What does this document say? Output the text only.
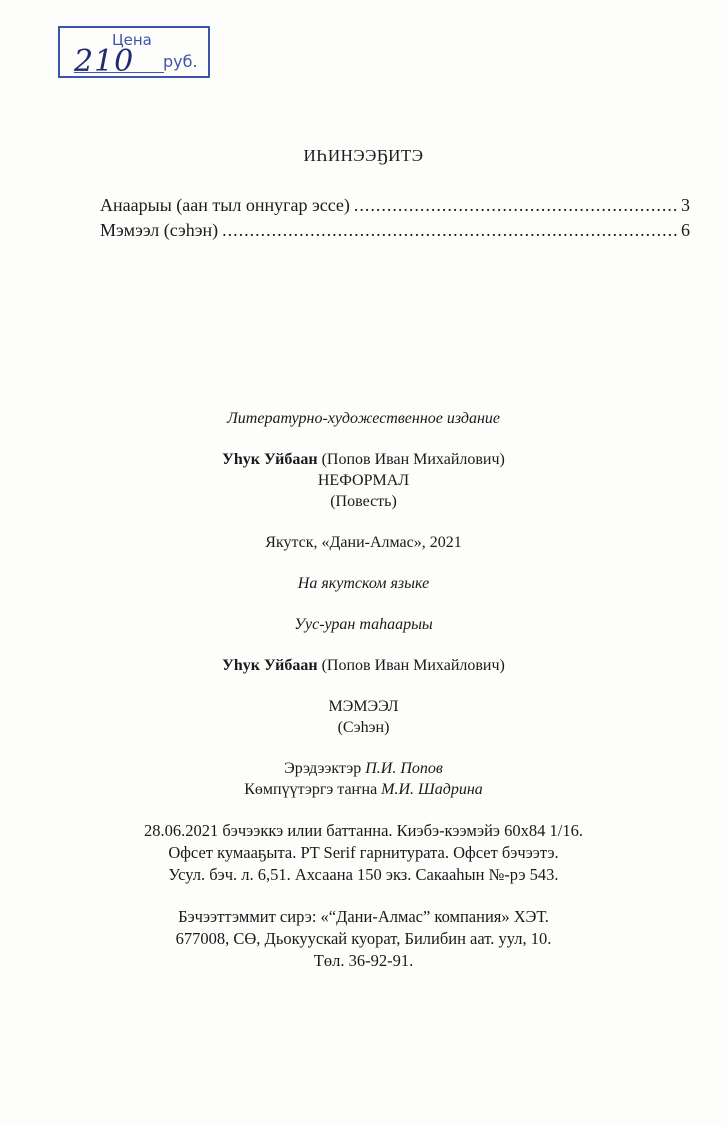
Цена
210 руб.
ИҺИНЭЭҔИТЭ
Анаарыы (аан тыл оннугар эссе) .....	3
Мэмээл (сэһэн) .....	6

Литературно-художественное издание

Уһук Уйбаан (Попов Иван Михайлович)

НЕФОРМАЛ

(Повесть)

Якутск, «Дани-Алмас», 2021

На якутском языке

Уус-уран таһаарыы

Уһук Уйбаан (Попов Иван Михайлович)

МЭМЭЭЛ

(Сэһэн)

Эрэдээктэр П.И. Попов

Көмпүүтэргэ таҥна М.И. Шадрина

28.06.2021 бэчээккэ илии баттанна. Киэбэ-кээмэйэ 60х84 1/16.

Офсет кумааҕыта. PT Serif гарнитурата. Офсет бэчээтэ.

Усул. бэч. л. 6,51. Ахсаана 150 экз. Сакааһын №-рэ 543.

Бэчээттэммит сирэ: «“Дани-Алмас” компания» ХЭТ.

677008, СӨ, Дьокуускай куорат, Билибин аат. уул, 10.

Төл. 36-92-91.
